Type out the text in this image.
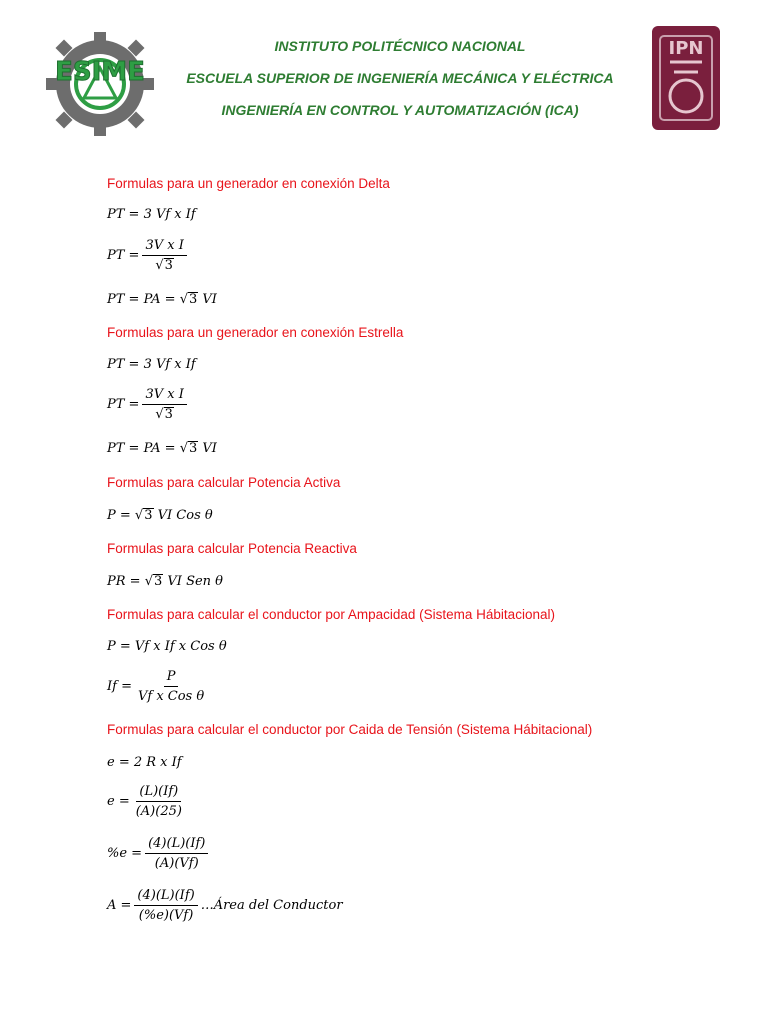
ESIME
IPN
INSTITUTO POLITÉCNICO NACIONAL
ESCUELA SUPERIOR DE INGENIERÍA MECÁNICA Y ELÉCTRICA
INGENIERÍA EN CONTROL Y AUTOMATIZACIÓN (ICA)
Formulas para un generador en conexión Delta
PT = 3 Vf x If
PT = $\frac{\text{3V x I}}{√ 3}$
PT = PA =
√ 3
VI
Formulas para un generador en conexión Estrella
PT = 3 Vf x If
PT = $\frac{\text{3V x I}}{√ 3}$
PT = PA =
√ 3
VI
Formulas para calcular Potencia Activa
P =
√ 3
VI Cos θ
Formulas para calcular Potencia Reactiva
PR =
√ 3
VI Sen θ
Formulas para calcular el conductor por Ampacidad (Sistema Hábitacional)
P = Vf x If x Cos θ
$If = \frac{P}{\text{Vf x Cos θ}}$
Formulas para calcular el conductor por Caida de Tensión (Sistema Hábitacional)
e = 2 R x If
$e = \frac{(L)(If)}{(A)(25)}$
$\%e = \frac{(4)(L)(If)}{(A)(Vf)}$
$A = \frac{(4)(L)(If)}{(\%e)(Vf)}$ …Área del Conductor
